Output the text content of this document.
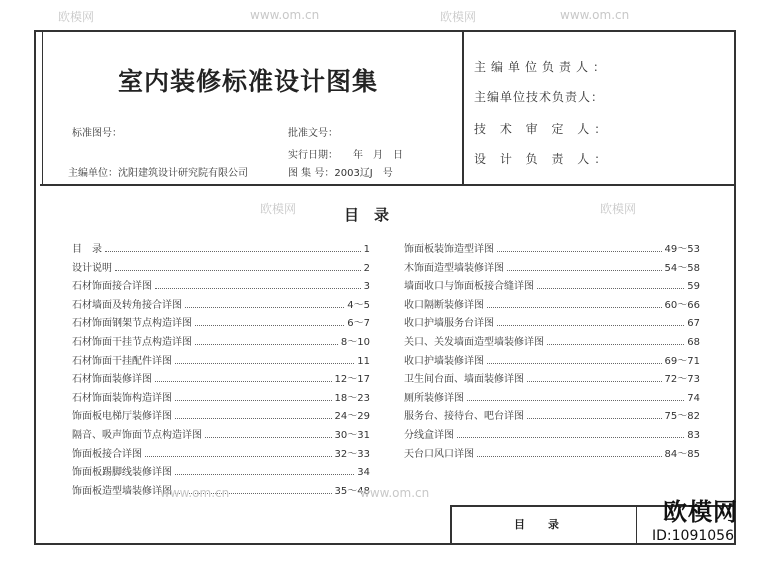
室内装修标准设计图集
标准图号：
主编单位：沈阳建筑设计研究院有限公司
批准文号：
实行日期：　　年　月　日
图 集 号：2003辽J　号
主编单位负责人：
主编单位技术负责人：
技 术 审 定 人：
设 计 负 责 人：
目　录
目　录	1
设计说明	2
石材饰面接合详图	3
石材墙面及转角接合详图	4～5
石材饰面钢架节点构造详图	6～7
石材饰面干挂节点构造详图	8～10
石材饰面干挂配件详图	11
石材饰面装修详图	12～17
石材饰面装饰构造详图	18～23
饰面板电梯厅装修详图	24～29
隔音、吸声饰面节点构造详图	30～31
饰面板接合详图	32～33
饰面板踢脚线装修详图	34
饰面板造型墙装修详图	35～48
饰面板装饰造型详图	49～53
木饰面造型墙装修详图	54～58
墙面收口与饰面板接合缝详图	59
收口隔断装修详图	60～66
收口护墙服务台详图	67
关口、关发墙面造型墙装修详图	68
收口护墙装修详图	69～71
卫生间台面、墙面装修详图	72～73
厕所装修详图	74
服务台、接待台、吧台详图	75～82
分线盒详图	83
天台口风口详图	84～85
目　录
欧模网	www.om.cn	欧模网	www.om.cn
欧模网	欧模网
www.om.cn	www.om.cn
欧模网
ID:1091056
